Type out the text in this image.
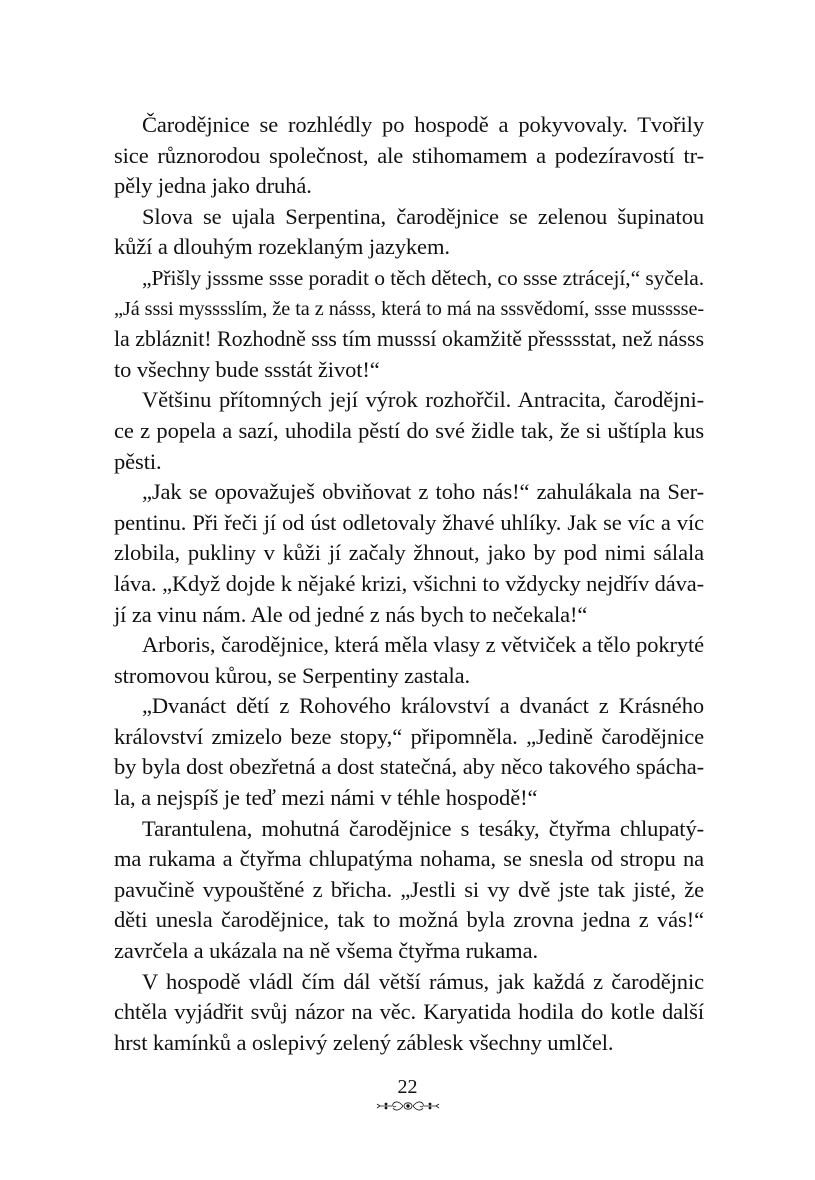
Čarodějnice se rozhlédly po hospodě a pokyvovaly. Tvořily
sice různorodou společnost, ale stihomamem a podezíravostí tr-
pěly jedna jako druhá.
Slova se ujala Serpentina, čarodějnice se zelenou šupinatou
kůží a dlouhým rozeklaným jazykem.
„Přišly jsssme ssse poradit o těch dětech, co ssse ztrácejí,“ syčela.
„Já sssi mysssslím, že ta z násss, která to má na sssvědomí, ssse musssse-
la zbláznit! Rozhodně sss tím musssí okamžitě přesssstat, než násss
to všechny bude ssstát život!“
Většinu přítomných její výrok rozhořčil. Antracita, čarodějni-
ce z popela a sazí, uhodila pěstí do své židle tak, že si uštípla kus
pěsti.
„Jak se opovažuješ obviňovat z toho nás!“ zahulákala na Ser-
pentinu. Při řeči jí od úst odletovaly žhavé uhlíky. Jak se víc a víc
zlobila, pukliny v kůži jí začaly žhnout, jako by pod nimi sálala
láva. „Když dojde k nějaké krizi, všichni to vždycky nejdřív dáva-
jí za vinu nám. Ale od jedné z nás bych to nečekala!“
Arboris, čarodějnice, která měla vlasy z větviček a tělo pokryté
stromovou kůrou, se Serpentiny zastala.
„Dvanáct dětí z Rohového království a dvanáct z Krásného
království zmizelo beze stopy,“ připomněla. „Jedině čarodějnice
by byla dost obezřetná a dost statečná, aby něco takového spácha-
la, a nejspíš je teď mezi námi v téhle hospodě!“
Tarantulena, mohutná čarodějnice s tesáky, čtyřma chlupatý-
ma rukama a čtyřma chlupatýma nohama, se snesla od stropu na
pavučině vypouštěné z břicha. „Jestli si vy dvě jste tak jisté, že
děti unesla čarodějnice, tak to možná byla zrovna jedna z vás!“
zavrčela a ukázala na ně všema čtyřma rukama.
V hospodě vládl čím dál větší rámus, jak každá z čarodějnic
chtěla vyjádřit svůj názor na věc. Karyatida hodila do kotle další
hrst kamínků a oslepivý zelený záblesk všechny umlčel.
22
